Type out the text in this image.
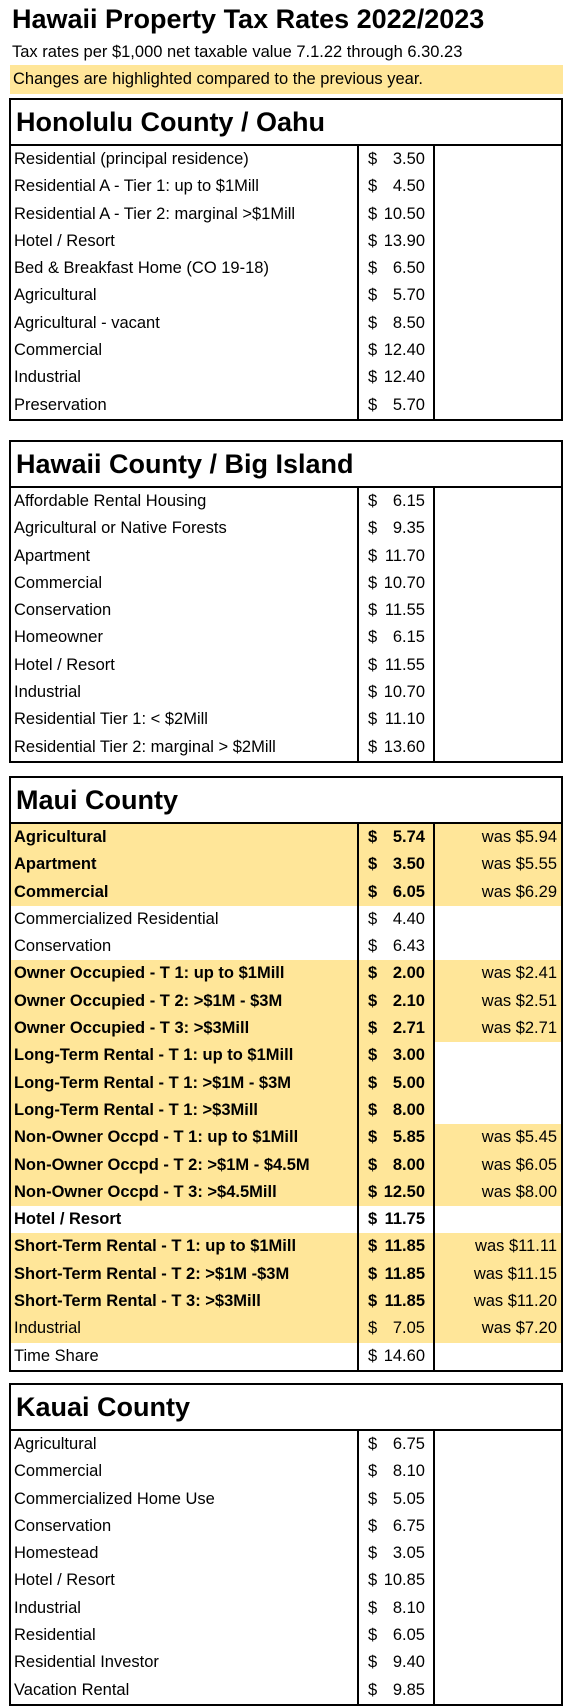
Hawaii Property Tax Rates 2022/2023
Tax rates per $1,000 net taxable value 7.1.22 through 6.30.23
Changes are highlighted compared to the previous year.
Honolulu County / Oahu
Residential (principal residence)	$ 3.50
Residential A - Tier 1: up to $1Mill	$ 4.50
Residential A - Tier 2: marginal >$1Mill	$ 10.50
Hotel / Resort	$ 13.90
Bed & Breakfast Home (CO 19-18)	$ 6.50
Agricultural	$ 5.70
Agricultural - vacant	$ 8.50
Commercial	$ 12.40
Industrial	$ 12.40
Preservation	$ 5.70
Hawaii County / Big Island
Affordable Rental Housing	$ 6.15
Agricultural or Native Forests	$ 9.35
Apartment	$ 11.70
Commercial	$ 10.70
Conservation	$ 11.55
Homeowner	$ 6.15
Hotel / Resort	$ 11.55
Industrial	$ 10.70
Residential Tier 1: < $2Mill	$ 11.10
Residential Tier 2: marginal > $2Mill	$ 13.60
Maui County
Agricultural	$ 5.74	was $5.94
Apartment	$ 3.50	was $5.55
Commercial	$ 6.05	was $6.29
Commercialized Residential	$ 4.40
Conservation	$ 6.43
Owner Occupied - T 1: up to $1Mill	$ 2.00	was $2.41
Owner Occupied - T 2: >$1M - $3M	$ 2.10	was $2.51
Owner Occupied - T 3: >$3Mill	$ 2.71	was $2.71
Long-Term Rental - T 1: up to $1Mill	$ 3.00
Long-Term Rental - T 1: >$1M - $3M	$ 5.00
Long-Term Rental - T 1: >$3Mill	$ 8.00
Non-Owner Occpd - T 1: up to $1Mill	$ 5.85	was $5.45
Non-Owner Occpd - T 2: >$1M - $4.5M	$ 8.00	was $6.05
Non-Owner Occpd - T 3: >$4.5Mill	$ 12.50	was $8.00
Hotel / Resort	$ 11.75
Short-Term Rental - T 1: up to $1Mill	$ 11.85	was $11.11
Short-Term Rental - T 2: >$1M -$3M	$ 11.85	was $11.15
Short-Term Rental - T 3: >$3Mill	$ 11.85	was $11.20
Industrial	$ 7.05	was $7.20
Time Share	$ 14.60
Kauai County
Agricultural	$ 6.75
Commercial	$ 8.10
Commercialized Home Use	$ 5.05
Conservation	$ 6.75
Homestead	$ 3.05
Hotel / Resort	$ 10.85
Industrial	$ 8.10
Residential	$ 6.05
Residential Investor	$ 9.40
Vacation Rental	$ 9.85
